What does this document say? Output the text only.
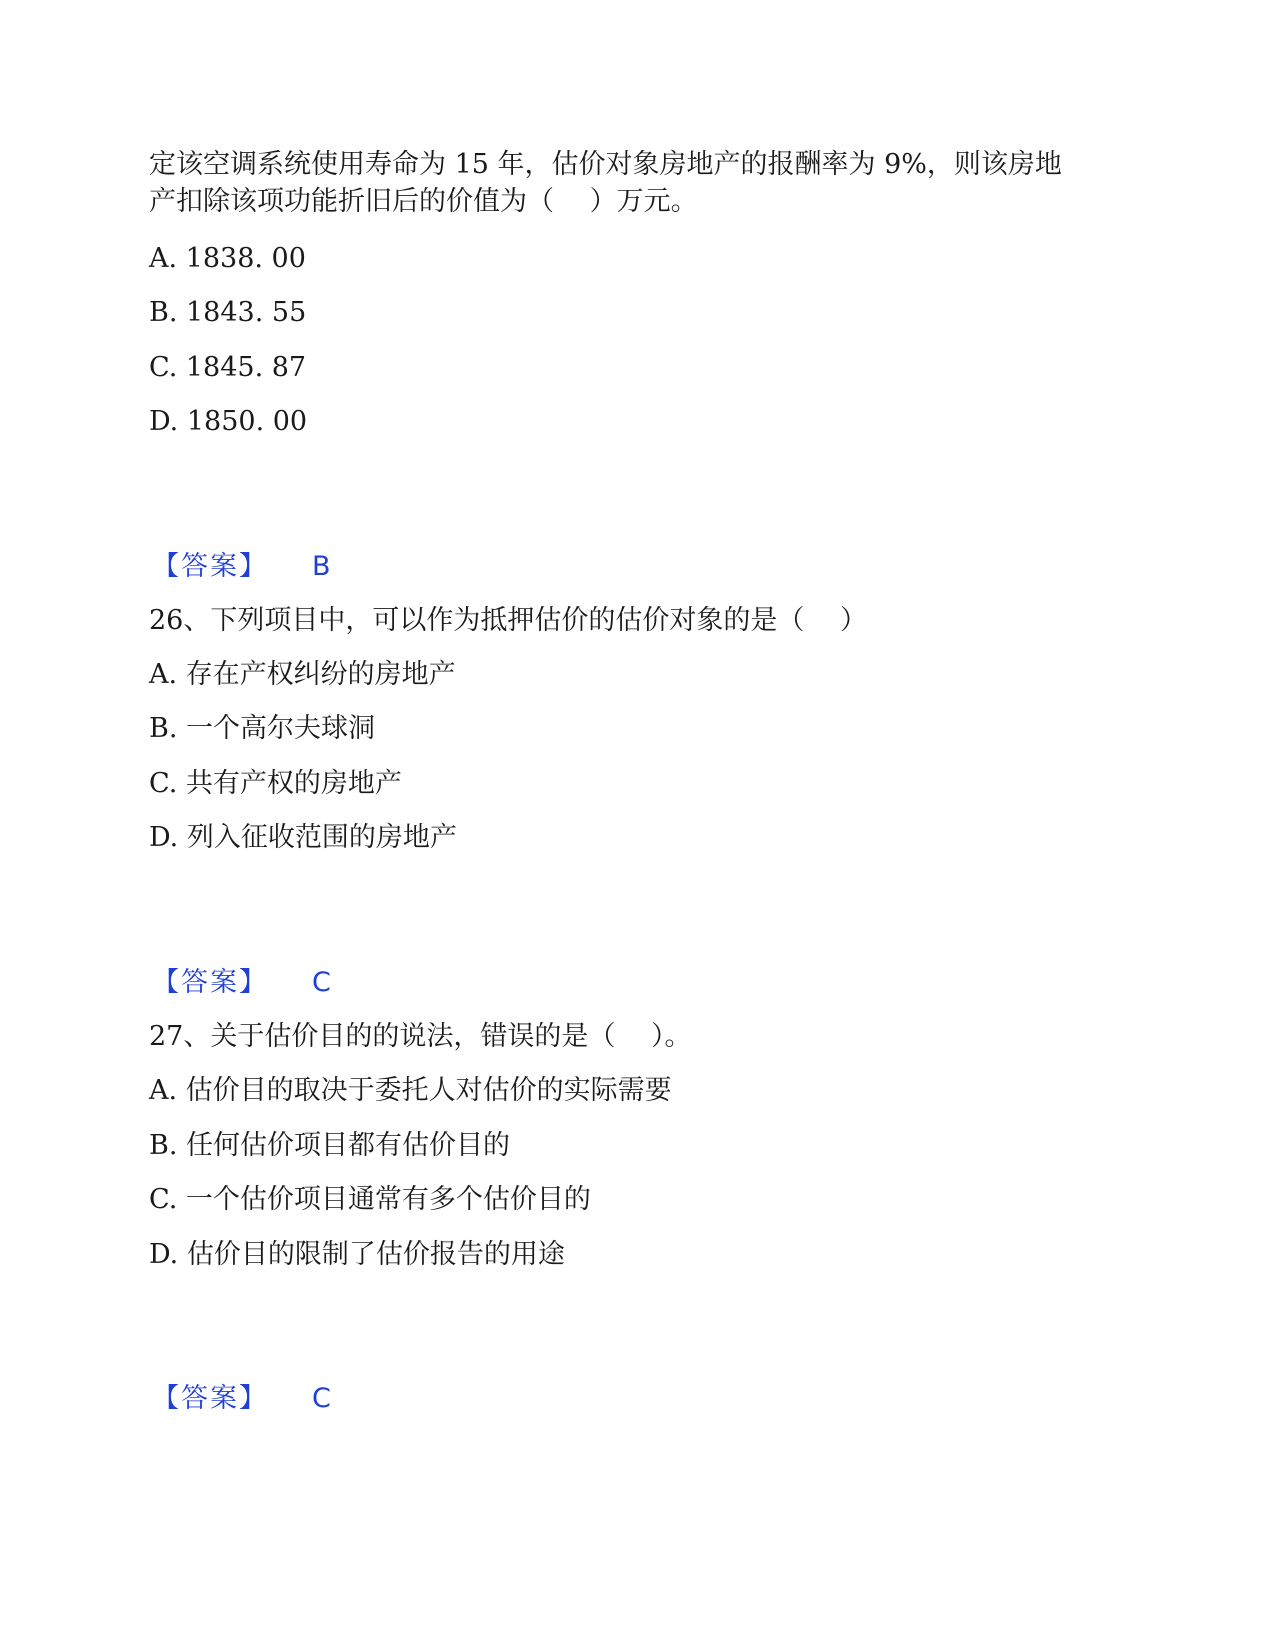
定该空调系统使用寿命为 15 年，估价对象房地产的报酬率为 9%，则该房地
产扣除该项功能折旧后的价值为（　 ）万元。
A. 1838. 00
B. 1843. 55
C. 1845. 87
D. 1850. 00
【答案】 B
26、下列项目中，可以作为抵押估价的估价对象的是（　 ）
A. 存在产权纠纷的房地产
B. 一个高尔夫球洞
C. 共有产权的房地产
D. 列入征收范围的房地产
【答案】 C
27、关于估价目的的说法，错误的是（　 ）。
A. 估价目的取决于委托人对估价的实际需要
B. 任何估价项目都有估价目的
C. 一个估价项目通常有多个估价目的
D. 估价目的限制了估价报告的用途
【答案】 C
